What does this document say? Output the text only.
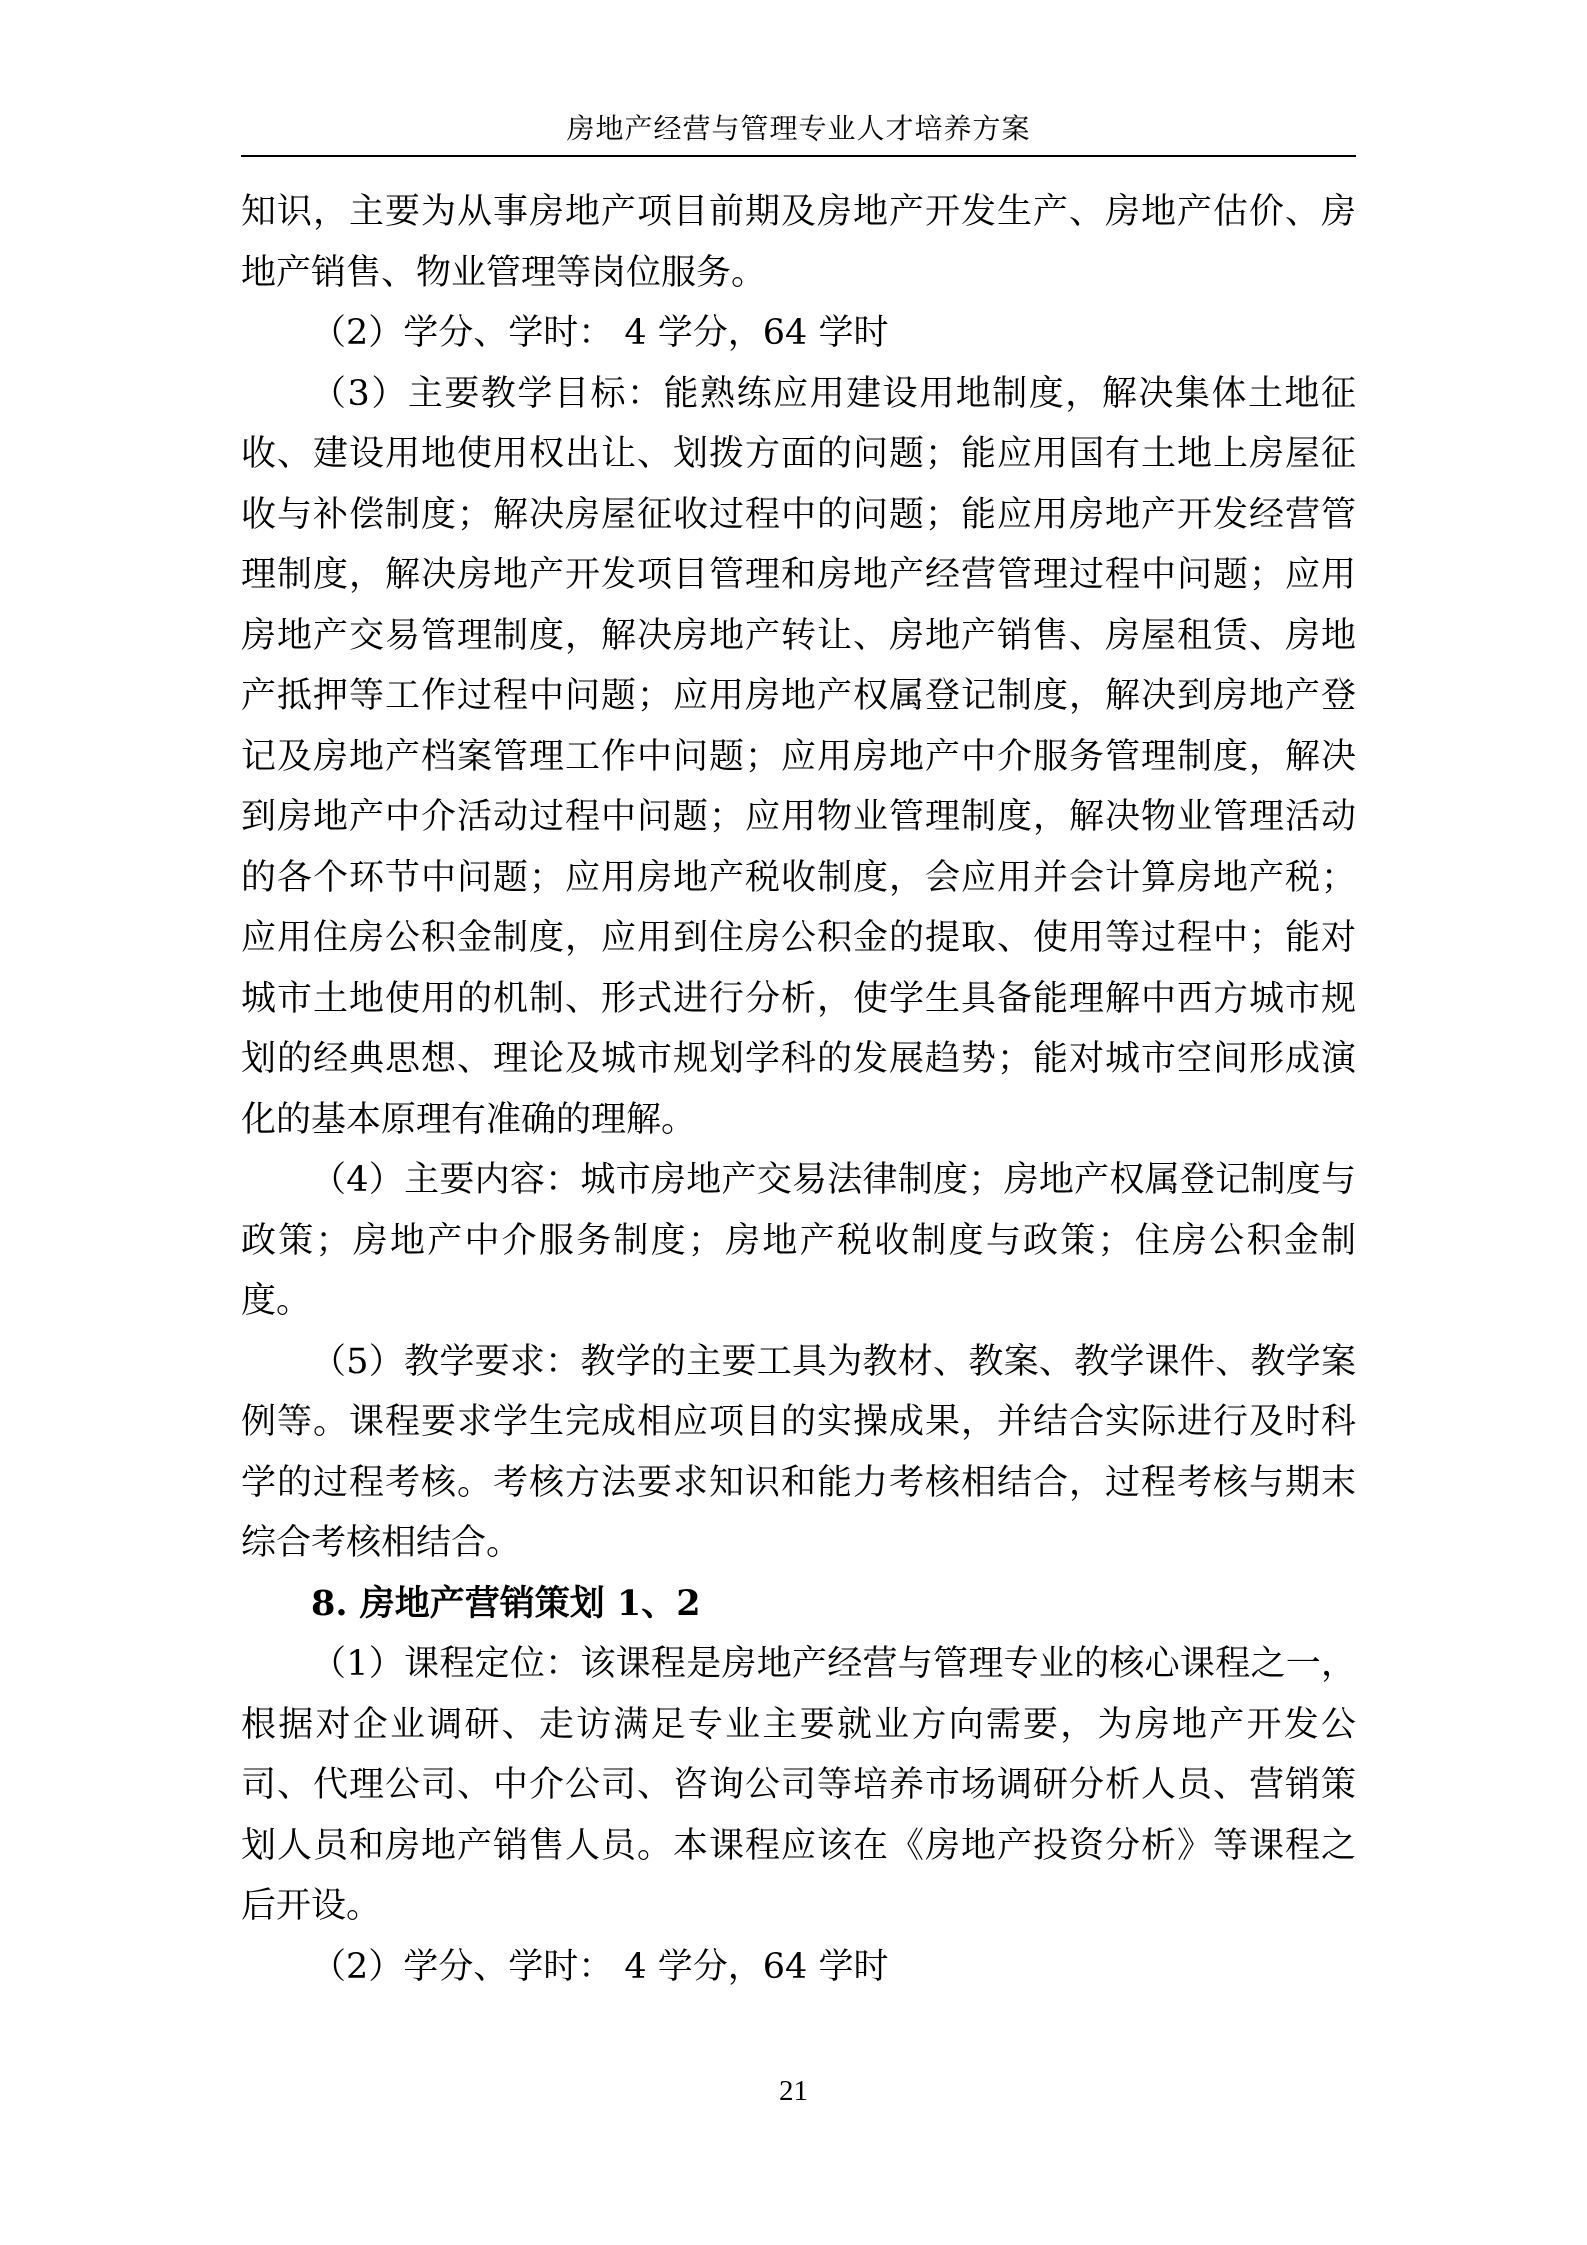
房地产经营与管理专业人才培养方案

知识，主要为从事房地产项目前期及房地产开发生产、房地产估价、房地产销售、物业管理等岗位服务。

（2）学分、学时： 4 学分，64 学时

（3）主要教学目标：能熟练应用建设用地制度，解决集体土地征收、建设用地使用权出让、划拨方面的问题；能应用国有土地上房屋征收与补偿制度；解决房屋征收过程中的问题；能应用房地产开发经营管理制度，解决房地产开发项目管理和房地产经营管理过程中问题；应用房地产交易管理制度，解决房地产转让、房地产销售、房屋租赁、房地产抵押等工作过程中问题；应用房地产权属登记制度，解决到房地产登记及房地产档案管理工作中问题；应用房地产中介服务管理制度，解决到房地产中介活动过程中问题；应用物业管理制度，解决物业管理活动的各个环节中问题；应用房地产税收制度，会应用并会计算房地产税；应用住房公积金制度，应用到住房公积金的提取、使用等过程中；能对城市土地使用的机制、形式进行分析，使学生具备能理解中西方城市规划的经典思想、理论及城市规划学科的发展趋势；能对城市空间形成演化的基本原理有准确的理解。

（4）主要内容：城市房地产交易法律制度；房地产权属登记制度与政策；房地产中介服务制度；房地产税收制度与政策；住房公积金制度。

（5）教学要求：教学的主要工具为教材、教案、教学课件、教学案例等。课程要求学生完成相应项目的实操成果，并结合实际进行及时科学的过程考核。考核方法要求知识和能力考核相结合，过程考核与期末综合考核相结合。

8. 房地产营销策划 1、2

（1）课程定位：该课程是房地产经营与管理专业的核心课程之一，根据对企业调研、走访满足专业主要就业方向需要，为房地产开发公司、代理公司、中介公司、咨询公司等培养市场调研分析人员、营销策划人员和房地产销售人员。本课程应该在《房地产投资分析》等课程之后开设。

（2）学分、学时： 4 学分，64 学时

21
